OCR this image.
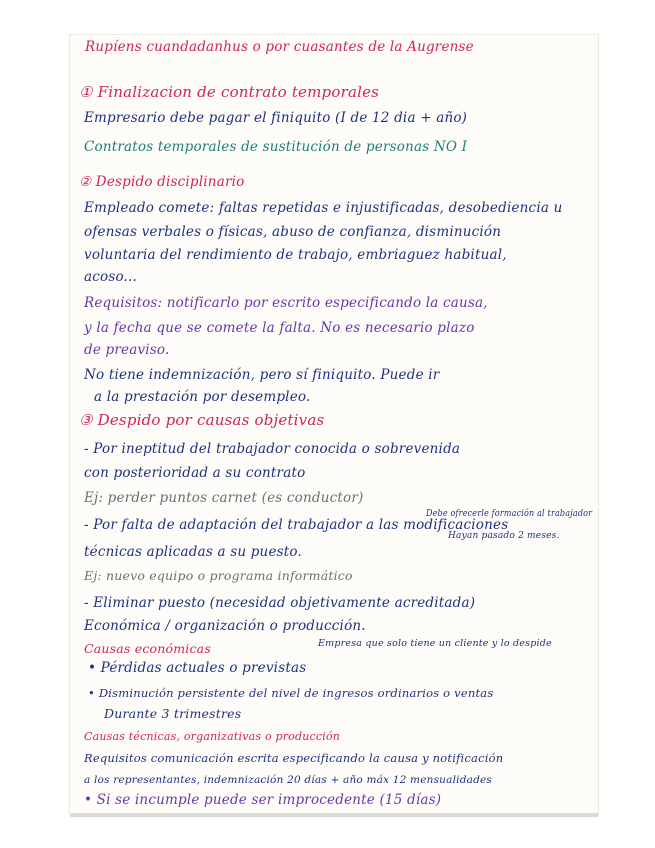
Rupíens cuandadanhus o por cuasantes de la Augrense
① Finalizacion de contrato temporales
Empresario debe pagar el finiquito (I de 12 dia + año)
Contratos temporales de sustitución de personas NO I
② Despido disciplinario
Empleado comete: faltas repetidas e injustificadas, desobediencia u
ofensas verbales o físicas, abuso de confianza, disminución
voluntaria del rendimiento de trabajo, embriaguez habitual,
acoso...
Requisitos: notificarlo por escrito especificando la causa,
y la fecha que se comete la falta. No es necesario plazo
de preaviso.
No tiene indemnización, pero sí finiquito. Puede ir
a la prestación por desempleo.
③ Despido por causas objetivas
- Por ineptitud del trabajador conocida o sobrevenida
con posterioridad a su contrato
Ej: perder puntos carnet (es conductor)
- Por falta de adaptación del trabajador a las modificaciones
Debe ofrecerle formación al trabajador
técnicas aplicadas a su puesto.
Hayan pasado 2 meses.
Ej: nuevo equipo o programa informático
- Eliminar puesto (necesidad objetivamente acreditada)
Económica / organización o producción.
Causas económicas	Empresa que solo tiene un cliente y lo despide
• Pérdidas actuales o previstas
• Disminución persistente del nivel de ingresos ordinarios o ventas
Durante 3 trimestres
Causas técnicas, organizativas o producción
Requisitos comunicación escrita especificando la causa y notificación
a los representantes, indemnización 20 días + año máx 12 mensualidades
• Si se incumple puede ser improcedente (15 días)
